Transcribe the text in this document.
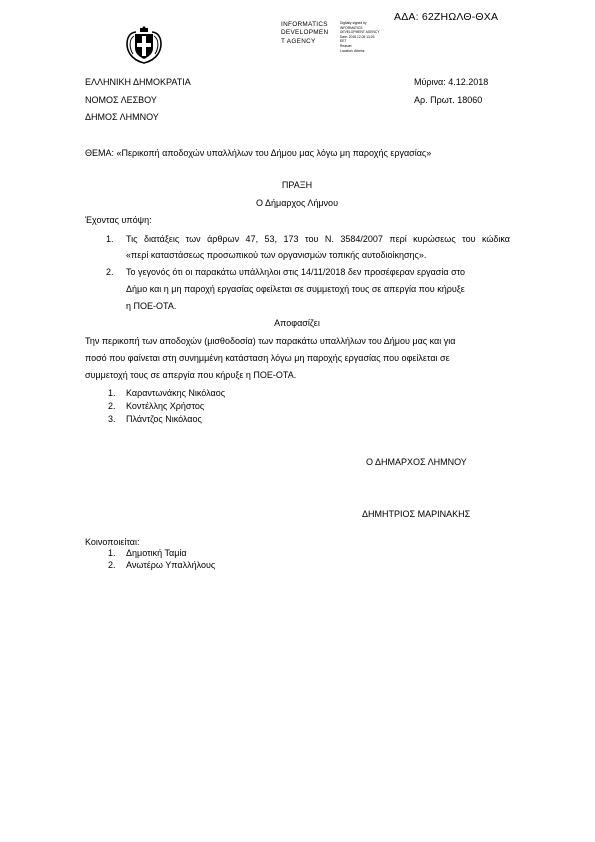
ΑΔΑ: 62ΖΗΩΛΘ-ΘΧΑ
INFORMATICS
DEVELOPMEN
T AGENCY
Digitally signed by
INFORMATICS
DEVELOPMENT AGENCY
Date: 2018.12.05 13:26
EET
Reason:
Location: Athens
ΕΛΛΗΝΙΚΗ ΔΗΜΟΚΡΑΤΙΑ
ΝΟΜΟΣ ΛΕΣΒΟΥ
ΔΗΜΟΣ ΛΗΜΝΟΥ
Μύρινα: 4.12.2018
Αρ. Πρωτ. 18060
ΘΕΜΑ: «Περικοπή αποδοχών υπαλλήλων του Δήμου μας λόγω μη παροχής εργασίας»
ΠΡΑΞΗ
Ο Δήμαρχος Λήμνου
Έχοντας υπόψη:
1. Τις διατάξεις των άρθρων 47, 53, 173 του Ν. 3584/2007 περί κυρώσεως του κώδικα
«περί καταστάσεως προσωπικού των οργανισμών τοπικής αυτοδιοίκησης».
2. Το γεγονός ότι οι παρακάτω υπάλληλοι στις 14/11/2018 δεν προσέφεραν εργασία στο
Δήμο και η μη παροχή εργασίας οφείλεται σε συμμετοχή τους σε απεργία που κήρυξε
η ΠΟΕ-ΟΤΑ.
Αποφασίζει
Την περικοπή των αποδοχών (μισθοδοσία) των παρακάτω υπαλλήλων του Δήμου μας και για
ποσό που φαίνεται στη συνημμένη κατάσταση λόγω μη παροχής εργασίας που οφείλεται σε
συμμετοχή τους σε απεργία που κήρυξε η ΠΟΕ-ΟΤΑ.
1. Καραντωνάκης Νικόλαος
2. Κοντέλλης Χρήστος
3. Πλάντζος Νικόλαος
Ο ΔΗΜΑΡΧΟΣ ΛΗΜΝΟΥ
ΔΗΜΗΤΡΙΟΣ ΜΑΡΙΝΑΚΗΣ
Κοινοποιείται:
1. Δημοτική Ταμία
2. Ανωτέρω Υπαλλήλους
